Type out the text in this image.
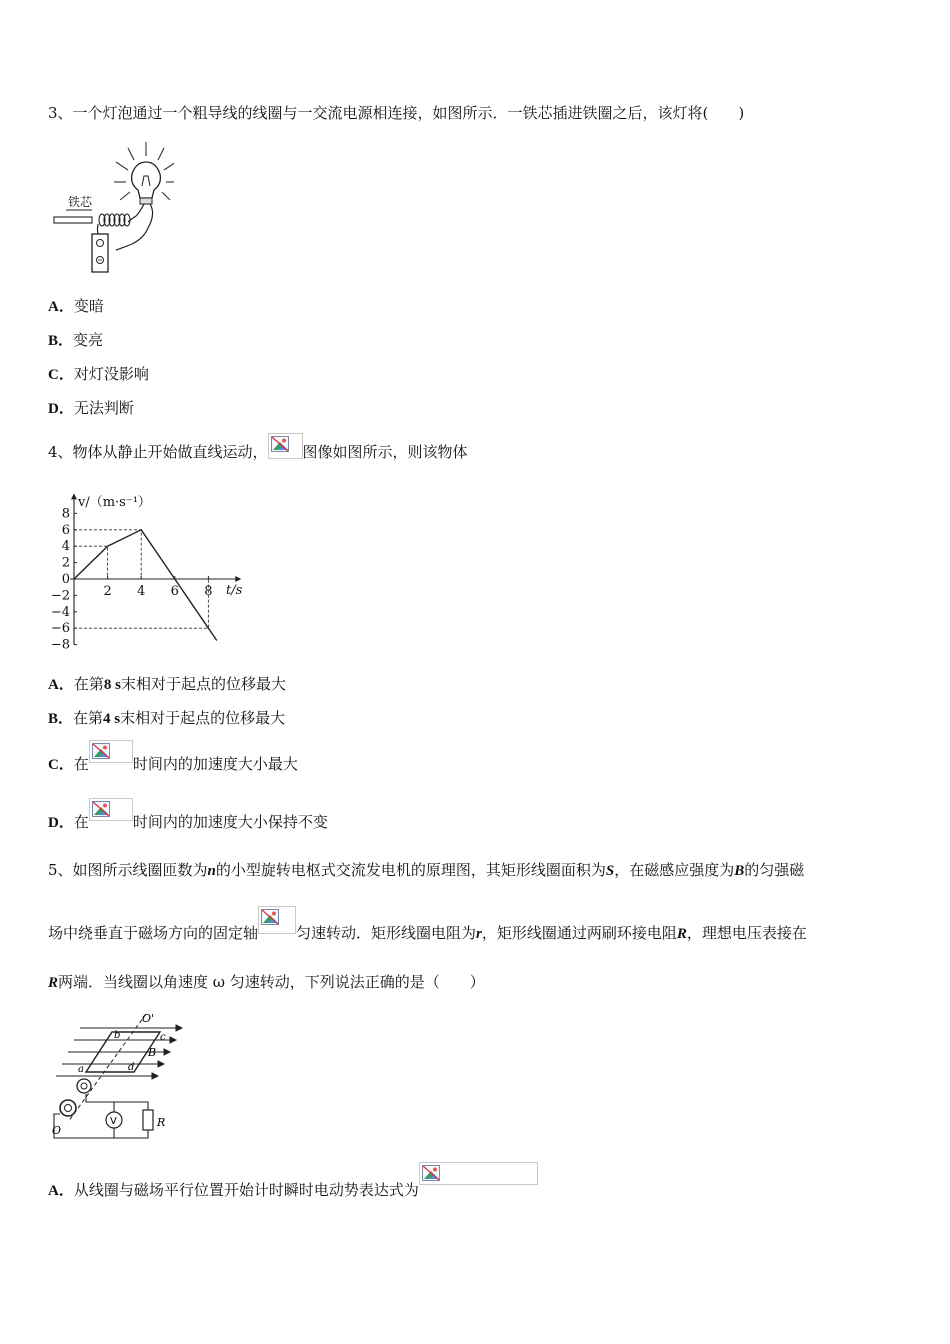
3、一个灯泡通过一个粗导线的线圈与一交流电源相连接，如图所示．一铁芯插进铁圈之后，该灯将(　　)
铁芯
A．变暗
B．变亮
C．对灯没影响
D．无法判断
4、物体从静止开始做直线运动， 图像如图所示，则该物体
8
6
4
2
0
−2
−4
−6
−8
2 4 6 8
v/（m·s⁻¹）
t/s
A．在第8 s末相对于起点的位移最大
B．在第4 s末相对于起点的位移最大
C．在	时间内的加速度大小最大
D．在	时间内的加速度大小保持不变
5、如图所示线圈匝数为n的小型旋转电枢式交流发电机的原理图，其矩形线圈面积为S，在磁感应强度为B的匀强磁
场中绕垂直于磁场方向的固定轴	匀速转动．矩形线圈电阻为r，矩形线圈通过两刷环接电阻R，理想电压表接在
R两端．当线圈以角速度 ω 匀速转动，下列说法正确的是（　　）
V
O'
O
a
b	c
d
B
R
A．从线圈与磁场平行位置开始计时瞬时电动势表达式为
